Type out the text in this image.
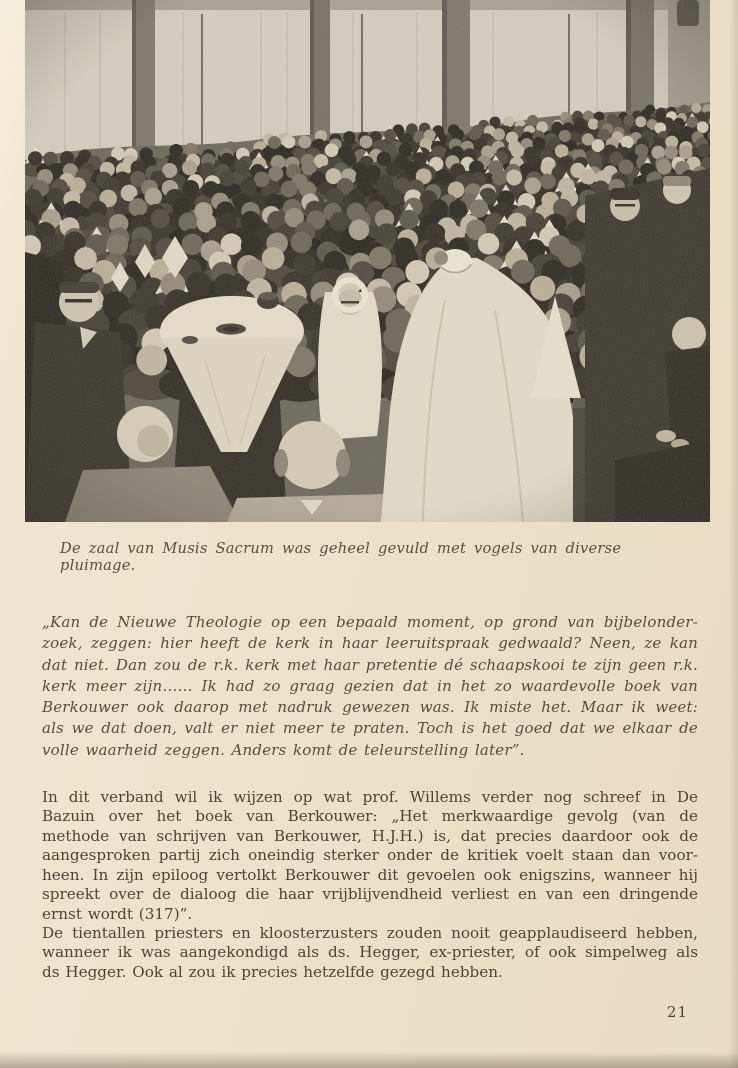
De zaal van Musis Sacrum was geheel gevuld met vogels van diverse pluimage.
„Kan de Nieuwe Theologie op een bepaald moment, op grond van bijbelonder-
zoek, zeggen: hier heeft de kerk in haar leeruitspraak gedwaald? Neen, ze kan
dat niet. Dan zou de r.k. kerk met haar pretentie dé schaapskooi te zijn geen r.k.
kerk meer zijn…… Ik had zo graag gezien dat in het zo waardevolle boek van
Berkouwer ook daarop met nadruk gewezen was. Ik miste het. Maar ik weet:
als we dat doen, valt er niet meer te praten. Toch is het goed dat we elkaar de
volle waarheid zeggen. Anders komt de teleurstelling later”.
In dit verband wil ik wijzen op wat prof. Willems verder nog schreef in De
Bazuin over het boek van Berkouwer: „Het merkwaardige gevolg (van de
methode van schrijven van Berkouwer, H.J.H.) is, dat precies daardoor ook de
aangesproken partij zich oneindig sterker onder de kritiek voelt staan dan voor-
heen. In zijn epiloog vertolkt Berkouwer dit gevoelen ook enigszins, wanneer hij
spreekt over de dialoog die haar vrijblijvendheid verliest en van een dringende
ernst wordt (317)”.
De tientallen priesters en kloosterzusters zouden nooit geapplaudiseerd hebben,
wanneer ik was aangekondigd als ds. Hegger, ex-priester, of ook simpelweg als
ds Hegger. Ook al zou ik precies hetzelfde gezegd hebben.
21
